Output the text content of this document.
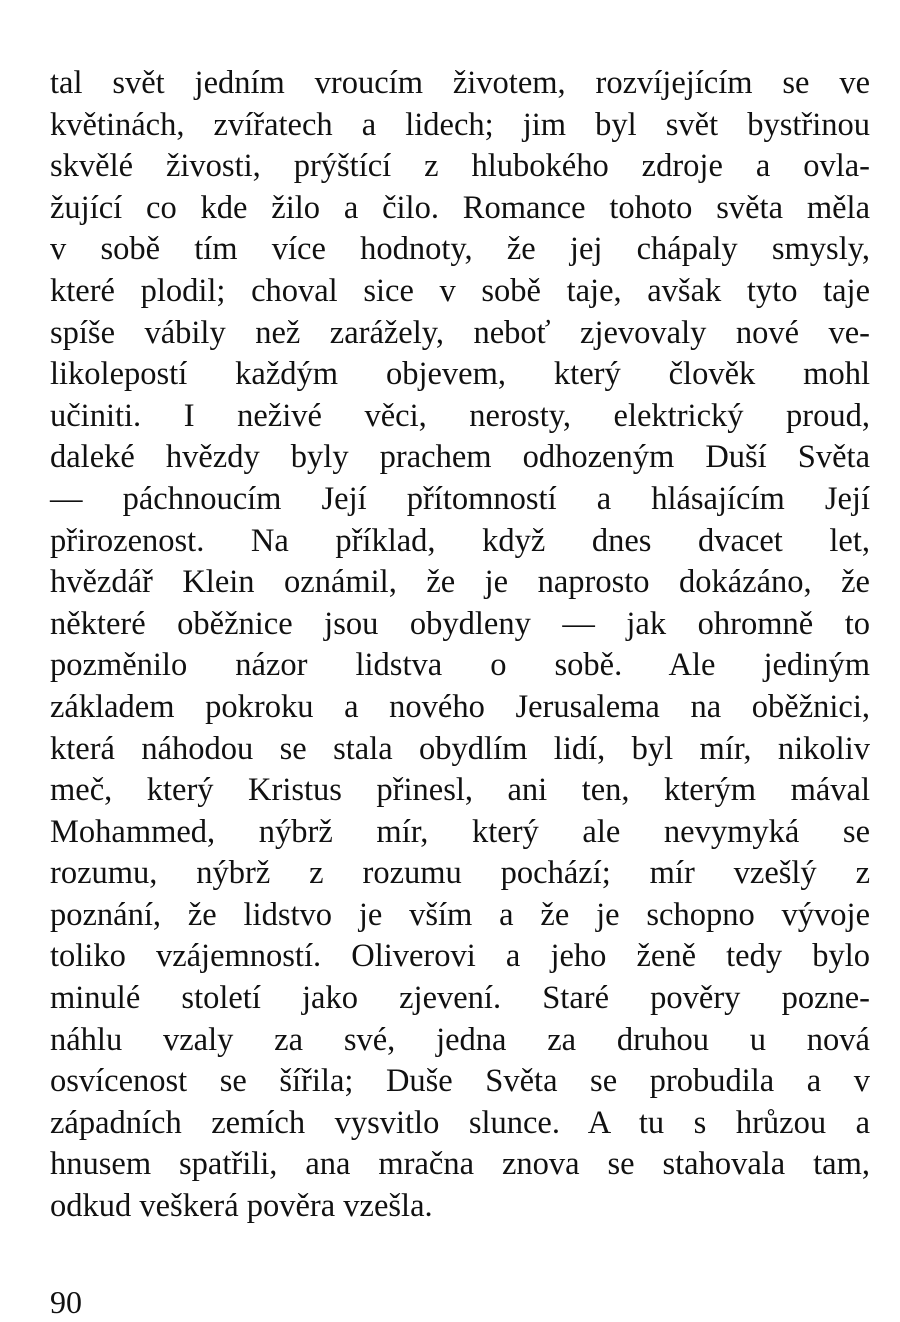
tal svět jedním vroucím životem, rozvíjejícím se ve
květinách, zvířatech a lidech; jim byl svět bystřinou
skvělé živosti, prýštící z hlubokého zdroje a ovla-
žující co kde žilo a čilo. Romance tohoto světa měla
v sobě tím více hodnoty, že jej chápaly smysly,
které plodil; choval sice v sobě taje, avšak tyto taje
spíše vábily než zarážely, neboť zjevovaly nové ve-
likolepostí každým objevem, který člověk mohl
učiniti. I neživé věci, nerosty, elektrický proud,
daleké hvězdy byly prachem odhozeným Duší Světa
— páchnoucím Její přítomností a hlásajícím Její
přirozenost. Na příklad, když dnes dvacet let,
hvězdář Klein oznámil, že je naprosto dokázáno, že
některé oběžnice jsou obydleny — jak ohromně to
pozměnilo názor lidstva o sobě. Ale jediným
základem pokroku a nového Jerusalema na oběžnici,
která náhodou se stala obydlím lidí, byl mír, nikoliv
meč, který Kristus přinesl, ani ten, kterým mával
Mohammed, nýbrž mír, který ale nevymyká se
rozumu, nýbrž z rozumu pochází; mír vzešlý z
poznání, že lidstvo je vším a že je schopno vývoje
toliko vzájemností. Oliverovi a jeho ženě tedy bylo
minulé století jako zjevení. Staré pověry pozne-
náhlu vzaly za své, jedna za druhou u nová
osvícenost se šířila; Duše Světa se probudila a v
západních zemích vysvitlo slunce. A tu s hrůzou a
hnusem spatřili, ana mračna znova se stahovala tam,
odkud veškerá pověra vzešla.
90
